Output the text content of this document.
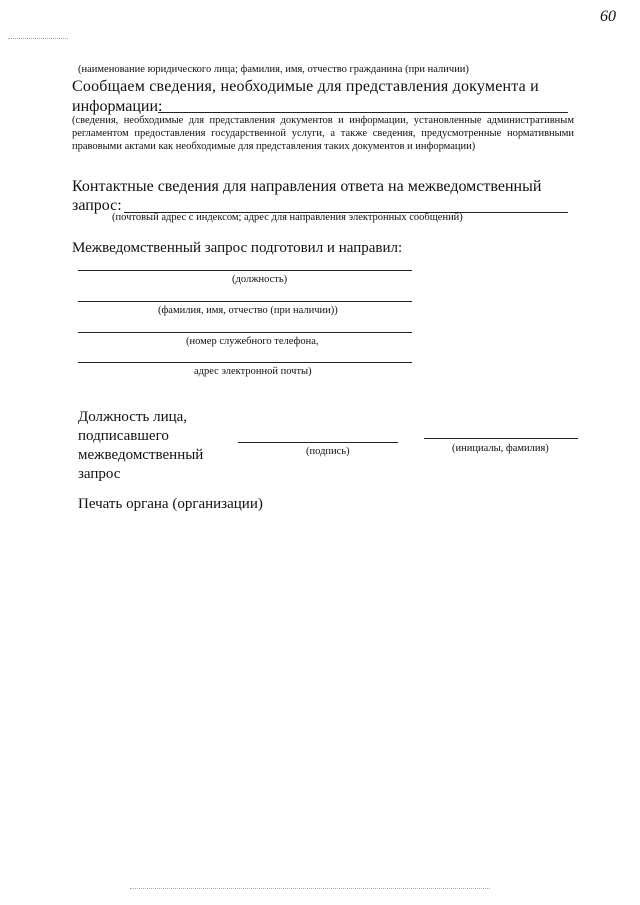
60
(наименование юридического лица; фамилия, имя, отчество гражданина (при наличии)
Сообщаем сведения, необходимые для представления документа и
информации:
(сведения, необходимые для представления документов и информации, установленные административным регламентом предоставления государственной услуги, а также сведения, предусмотренные нормативными правовыми актами как необходимые для представления таких документов и информации)
Контактные сведения для направления ответа на межведомственный
запрос:
(почтовый адрес с индексом; адрес для направления электронных сообщений)
Межведомственный запрос подготовил и направил:
(должность)
(фамилия, имя, отчество (при наличии))
(номер служебного телефона,
адрес электронной почты)
Должность лица,
подписавшего
межведомственный
запрос
(подпись)	(инициалы, фамилия)
Печать органа (организации)
